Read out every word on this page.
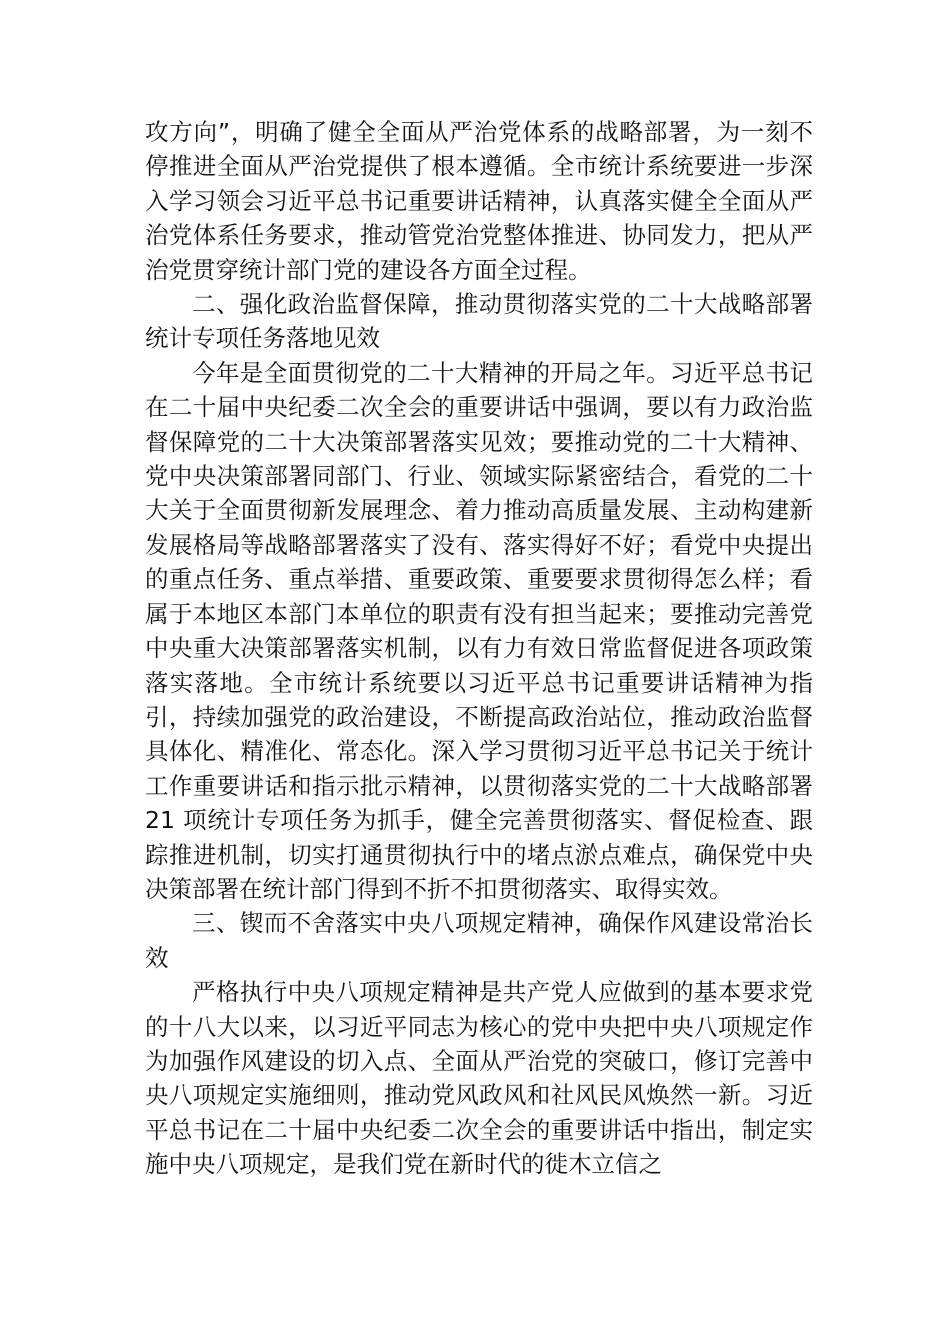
攻方向”，明确了健全全面从严治党体系的战略部署，为一刻不停推进全面从严治党提供了根本遵循。全市统计系统要进一步深入学习领会习近平总书记重要讲话精神，认真落实健全全面从严治党体系任务要求，推动管党治党整体推进、协同发力，把从严治党贯穿统计部门党的建设各方面全过程。

二、强化政治监督保障，推动贯彻落实党的二十大战略部署统计专项任务落地见效

今年是全面贯彻党的二十大精神的开局之年。习近平总书记在二十届中央纪委二次全会的重要讲话中强调，要以有力政治监督保障党的二十大决策部署落实见效；要推动党的二十大精神、党中央决策部署同部门、行业、领域实际紧密结合，看党的二十大关于全面贯彻新发展理念、着力推动高质量发展、主动构建新发展格局等战略部署落实了没有、落实得好不好；看党中央提出的重点任务、重点举措、重要政策、重要要求贯彻得怎么样；看属于本地区本部门本单位的职责有没有担当起来；要推动完善党中央重大决策部署落实机制，以有力有效日常监督促进各项政策落实落地。全市统计系统要以习近平总书记重要讲话精神为指引，持续加强党的政治建设，不断提高政治站位，推动政治监督具体化、精准化、常态化。深入学习贯彻习近平总书记关于统计工作重要讲话和指示批示精神，以贯彻落实党的二十大战略部署 21 项统计专项任务为抓手，健全完善贯彻落实、督促检查、跟踪推进机制，切实打通贯彻执行中的堵点淤点难点，确保党中央决策部署在统计部门得到不折不扣贯彻落实、取得实效。

三、锲而不舍落实中央八项规定精神，确保作风建设常治长效

严格执行中央八项规定精神是共产党人应做到的基本要求党的十八大以来，以习近平同志为核心的党中央把中央八项规定作为加强作风建设的切入点、全面从严治党的突破口，修订完善中央八项规定实施细则，推动党风政风和社风民风焕然一新。习近平总书记在二十届中央纪委二次全会的重要讲话中指出，制定实施中央八项规定，是我们党在新时代的徙木立信之
